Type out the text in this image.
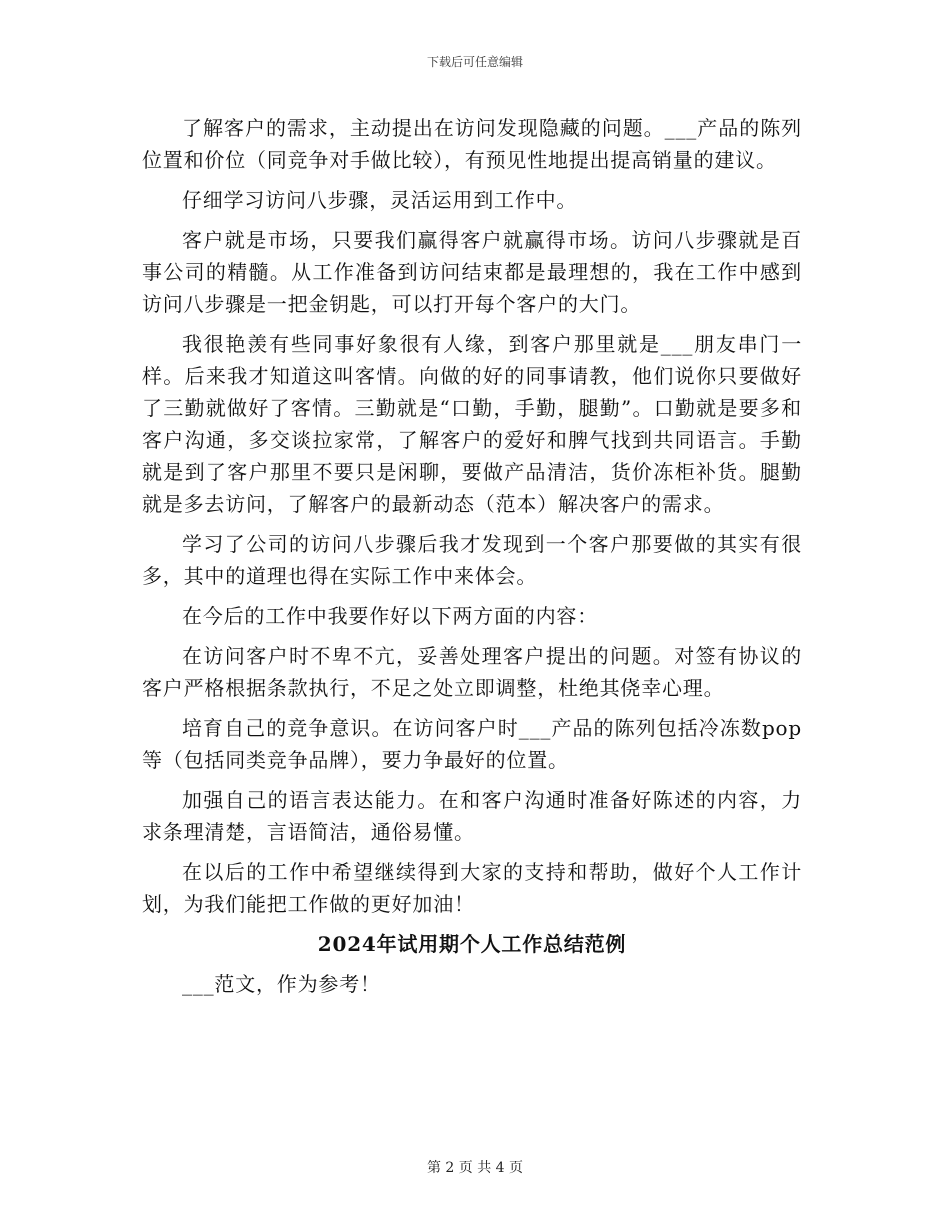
下载后可任意编辑

了解客户的需求，主动提出在访问发现隐藏的问题。___产品的陈列位置和价位（同竞争对手做比较），有预见性地提出提高销量的建议。

仔细学习访问八步骤，灵活运用到工作中。

客户就是市场，只要我们赢得客户就赢得市场。访问八步骤就是百事公司的精髓。从工作准备到访问结束都是最理想的，我在工作中感到访问八步骤是一把金钥匙，可以打开每个客户的大门。

我很艳羡有些同事好象很有人缘，到客户那里就是___朋友串门一样。后来我才知道这叫客情。向做的好的同事请教，他们说你只要做好了三勤就做好了客情。三勤就是“口勤，手勤，腿勤”。口勤就是要多和客户沟通，多交谈拉家常，了解客户的爱好和脾气找到共同语言。手勤就是到了客户那里不要只是闲聊，要做产品清洁，货价冻柜补货。腿勤就是多去访问，了解客户的最新动态（范本）解决客户的需求。

学习了公司的访问八步骤后我才发现到一个客户那要做的其实有很多，其中的道理也得在实际工作中来体会。

在今后的工作中我要作好以下两方面的内容：

在访问客户时不卑不亢，妥善处理客户提出的问题。对签有协议的客户严格根据条款执行，不足之处立即调整，杜绝其侥幸心理。

培育自己的竞争意识。在访问客户时___产品的陈列包括冷冻数pop等（包括同类竞争品牌），要力争最好的位置。

加强自己的语言表达能力。在和客户沟通时准备好陈述的内容，力求条理清楚，言语简洁，通俗易懂。

在以后的工作中希望继续得到大家的支持和帮助，做好个人工作计划，为我们能把工作做的更好加油！

2024年试用期个人工作总结范例

___范文，作为参考！

第 2 页 共 4 页
